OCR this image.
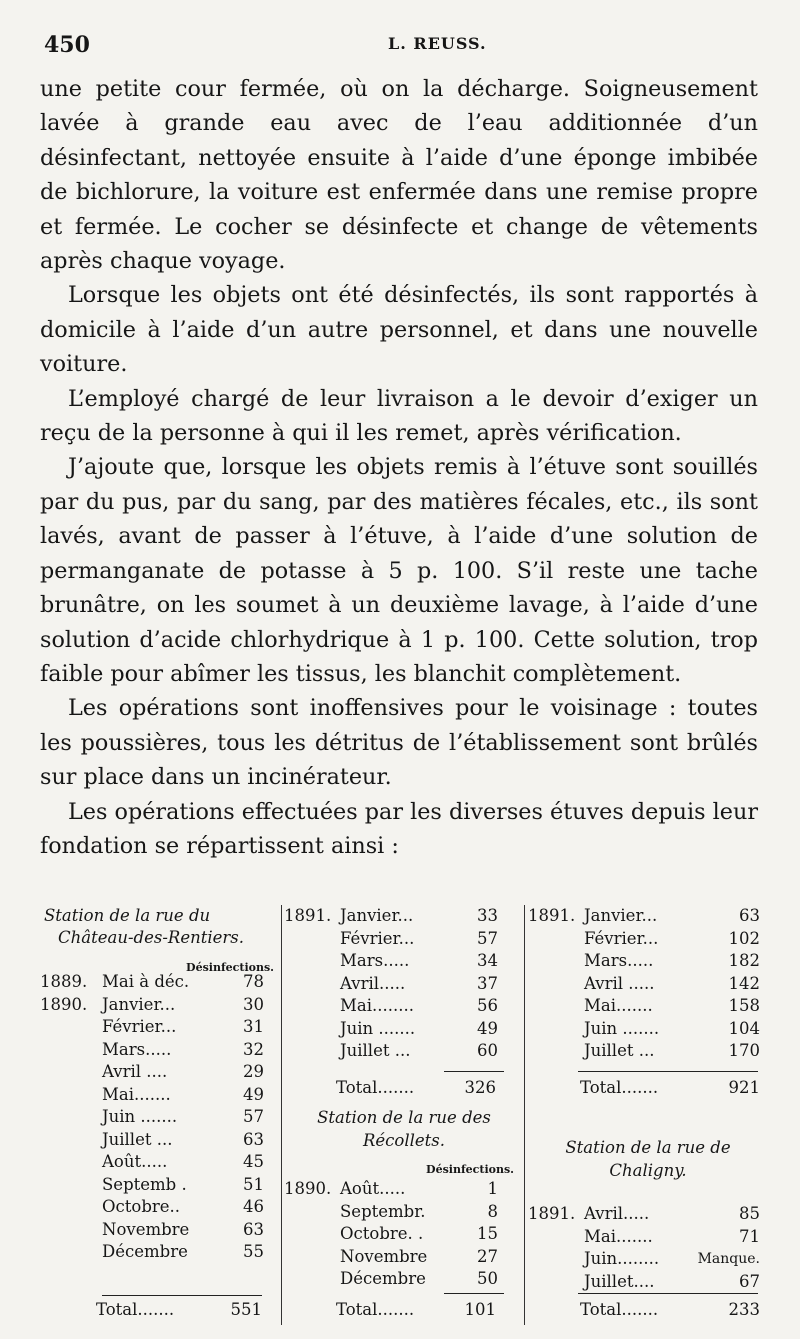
450	L. REUSS.

une petite cour fermée, où on la décharge. Soigneusement lavée à grande eau avec de l’eau additionnée d’un désinfectant, nettoyée ensuite à l’aide d’une éponge imbibée de bichlorure, la voiture est enfermée dans une remise propre et fermée. Le cocher se désinfecte et change de vêtements après chaque voyage.

Lorsque les objets ont été désinfectés, ils sont rapportés à domicile à l’aide d’un autre personnel, et dans une nouvelle voiture.

L’employé chargé de leur livraison a le devoir d’exiger un reçu de la personne à qui il les remet, après vérification.

J’ajoute que, lorsque les objets remis à l’étuve sont souillés par du pus, par du sang, par des matières fécales, etc., ils sont lavés, avant de passer à l’étuve, à l’aide d’une solution de permanganate de potasse à 5 p. 100. S’il reste une tache brunâtre, on les soumet à un deuxième lavage, à l’aide d’une solution d’acide chlorhydrique à 1 p. 100. Cette solution, trop faible pour abîmer les tissus, les blanchit complètement.

Les opérations sont inoffensives pour le voisinage : toutes les poussières, tous les détritus de l’établissement sont brûlés sur place dans un incinérateur.

Les opérations effectuées par les diverses étuves depuis leur fondation se répartissent ainsi :

Station de la rue du
Château-des-Rentiers.
Désinfections.
1889. Mai à déc.	78
1890. Janvier...	30
Février...	31
Mars.....	32
Avril ....	29
Mai.......	49
Juin .......	57
Juillet ...	63
Août.....	45
Septemb .	51
Octobre..	46
Novembre	63
Décembre	55
Total.......	551
1891. Janvier...	33
Février...	57
Mars.....	34
Avril.....	37
Mai........	56
Juin .......	49
Juillet ...	60
Total.......	326
Station de la rue des
Récollets.
Désinfections.
1890. Août.....	1
Septembr.	8
Octobre. .	15
Novembre	27
Décembre	50
Total.......	101
1891. Janvier...	63
Février...	102
Mars.....	182
Avril .....	142
Mai.......	158
Juin .......	104
Juillet ...	170
Total.......	921
Station de la rue de
Chaligny.
1891. Avril.....	85
Mai.......	71
Juin........	Manque.
Juillet....	67
Total.......	233
